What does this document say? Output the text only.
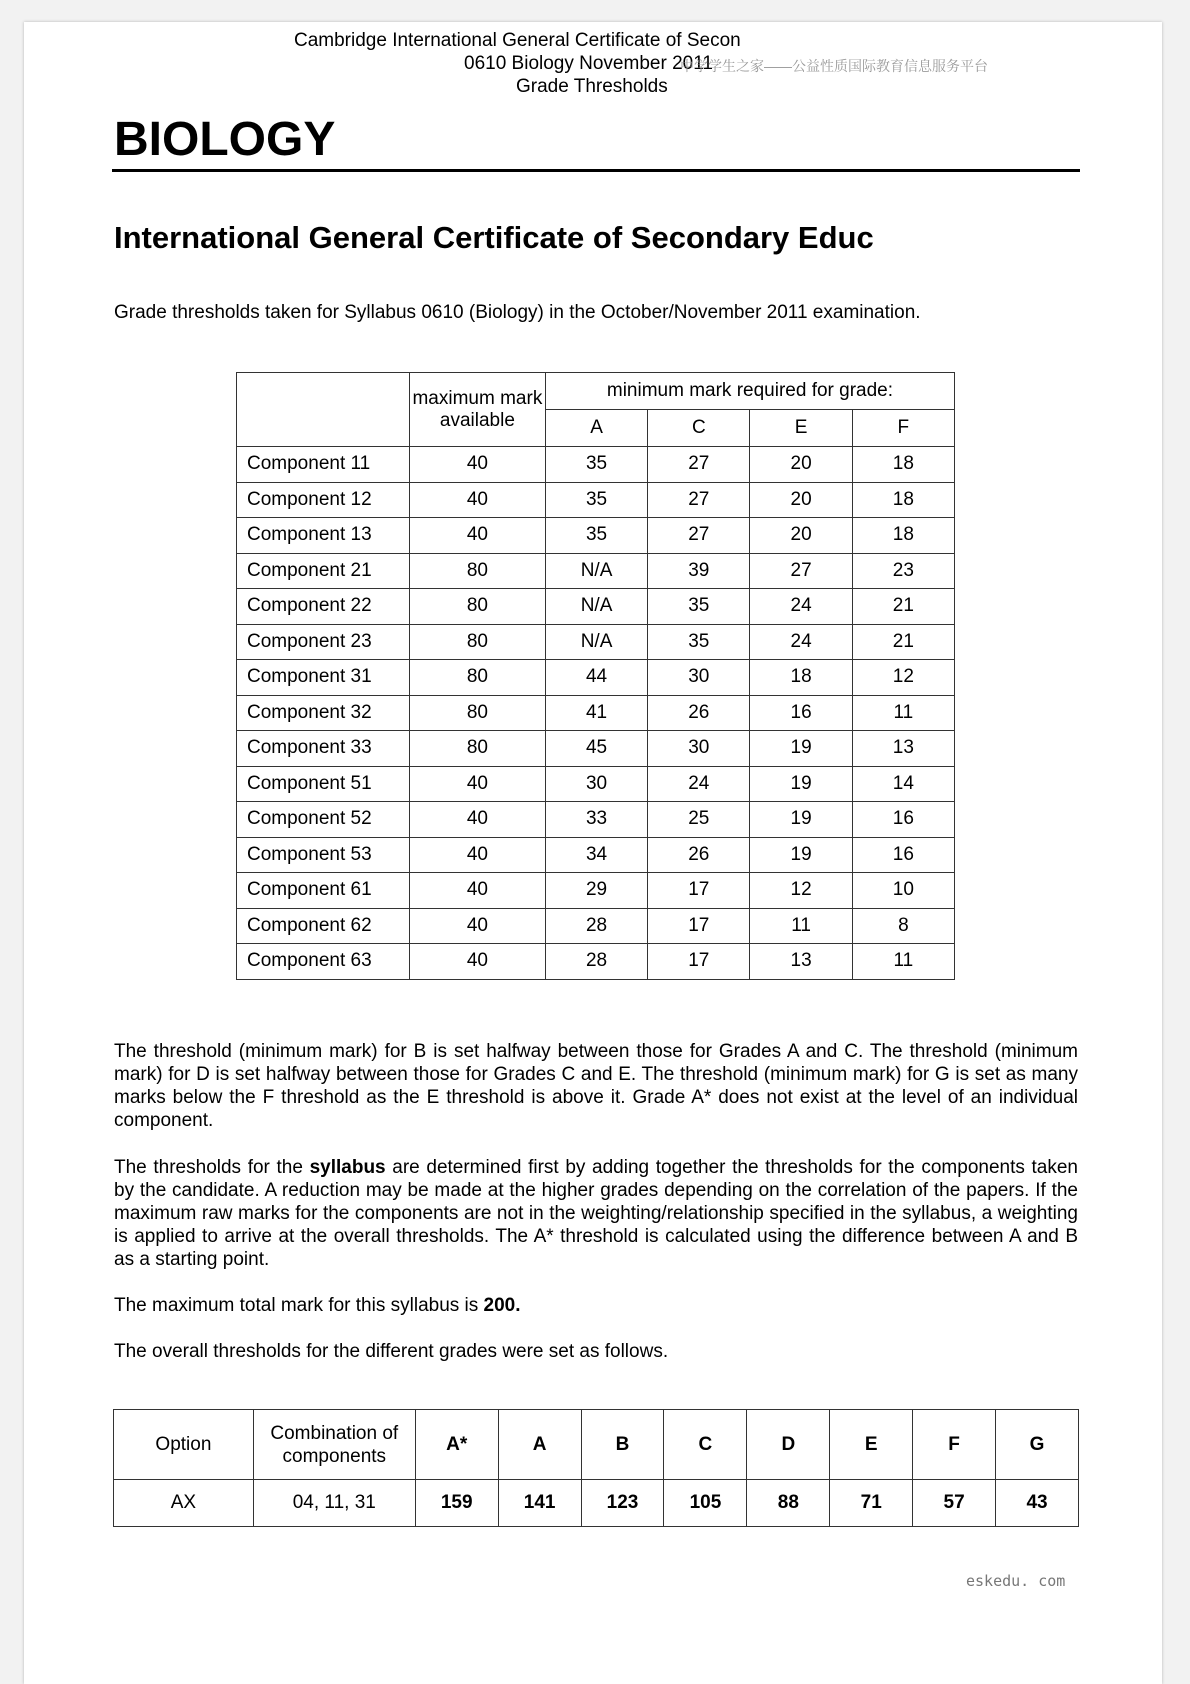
Cambridge International General Certificate of Secon
0610 Biology November 2011
Grade Thresholds
中学学生之家——公益性质国际教育信息服务平台
BIOLOGY
International General Certificate of Secondary Educ
Grade thresholds taken for Syllabus 0610 (Biology) in the October/November 2011 examination.
	maximum mark available	minimum mark required for grade:			
		A	C	E	F
Component 11	40	35	27	20	18
Component 12	40	35	27	20	18
Component 13	40	35	27	20	18
Component 21	80	N/A	39	27	23
Component 22	80	N/A	35	24	21
Component 23	80	N/A	35	24	21
Component 31	80	44	30	18	12
Component 32	80	41	26	16	11
Component 33	80	45	30	19	13
Component 51	40	30	24	19	14
Component 52	40	33	25	19	16
Component 53	40	34	26	19	16
Component 61	40	29	17	12	10
Component 62	40	28	17	11	8
Component 63	40	28	17	13	11
The threshold (minimum mark) for B is set halfway between those for Grades A and C. The threshold (minimum mark) for D is set halfway between those for Grades C and E. The threshold (minimum mark) for G is set as many marks below the F threshold as the E threshold is above it. Grade A* does not exist at the level of an individual component.
The thresholds for the syllabus are determined first by adding together the thresholds for the components taken by the candidate. A reduction may be made at the higher grades depending on the correlation of the papers. If the maximum raw marks for the components are not in the weighting/relationship specified in the syllabus, a weighting is applied to arrive at the overall thresholds. The A* threshold is calculated using the difference between A and B as a starting point.
The maximum total mark for this syllabus is 200.
The overall thresholds for the different grades were set as follows.
Option	Combination of components	A*	A	B	C	D	E	F	G
AX	04, 11, 31	159	141	123	105	88	71	57	43
eskedu. com
